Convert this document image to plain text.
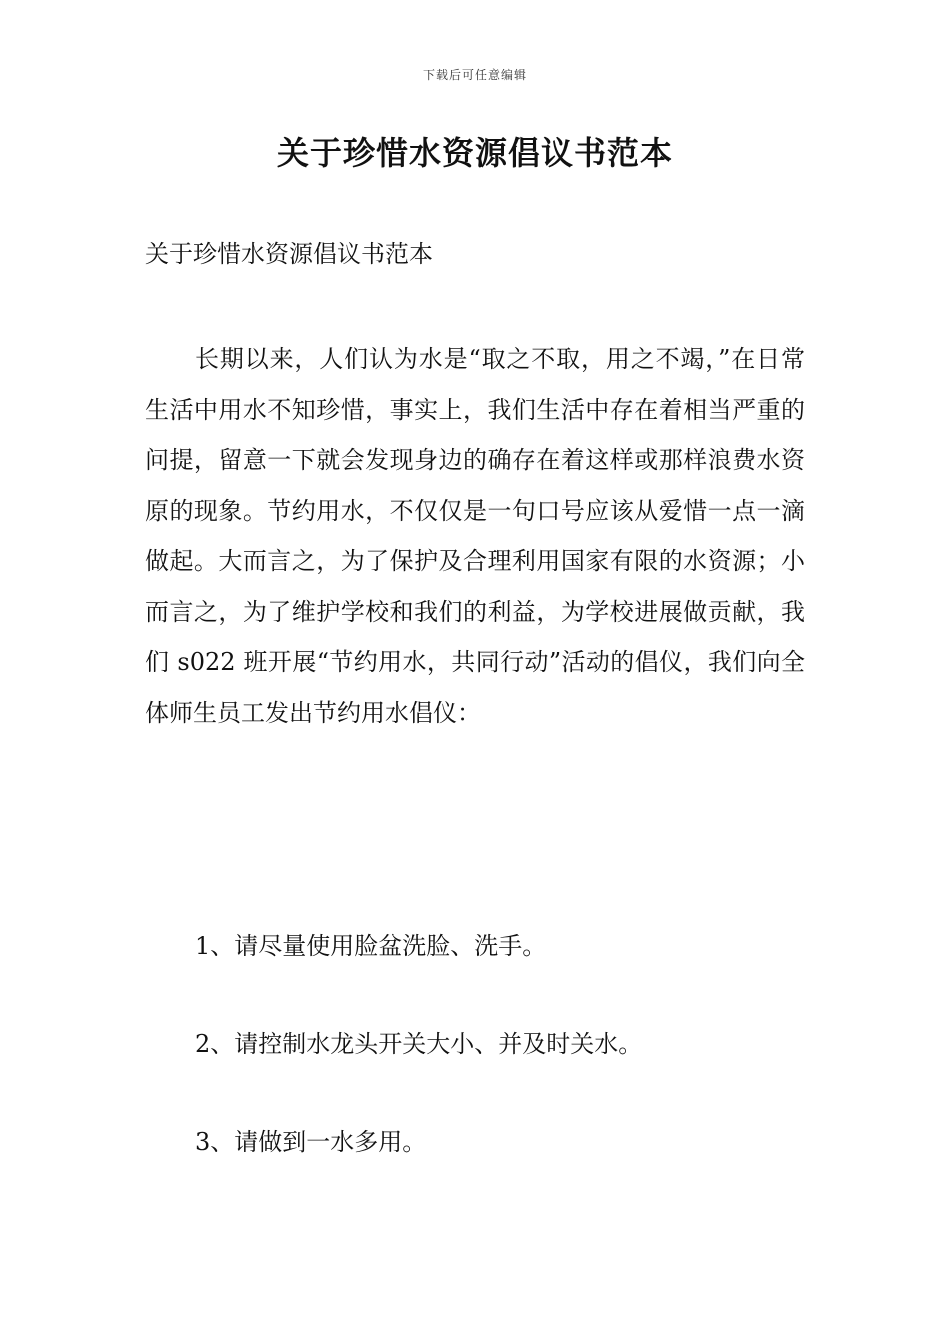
下载后可任意编辑
关于珍惜水资源倡议书范本

关于珍惜水资源倡议书范本

长期以来，人们认为水是“取之不取，用之不竭，”在日常生活中用水不知珍惜，事实上，我们生活中存在着相当严重的问提，留意一下就会发现身边的确存在着这样或那样浪费水资原的现象。节约用水，不仅仅是一句口号应该从爱惜一点一滴做起。大而言之，为了保护及合理利用国家有限的水资源；小而言之，为了维护学校和我们的利益，为学校进展做贡献，我们 s022 班开展“节约用水，共同行动”活动的倡仪，我们向全体师生员工发出节约用水倡仪：

1、请尽量使用脸盆洗脸、洗手。
2、请控制水龙头开关大小、并及时关水。
3、请做到一水多用。
